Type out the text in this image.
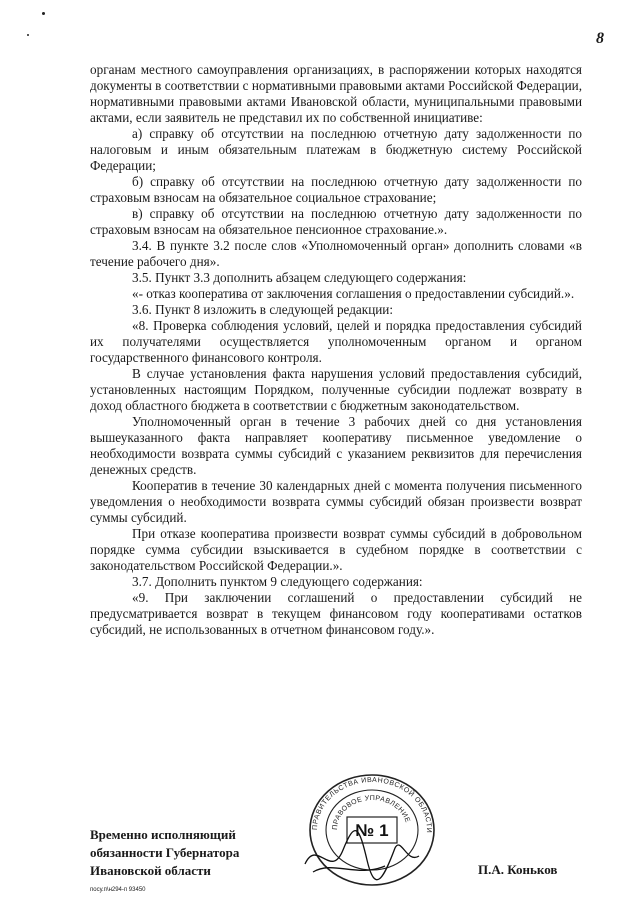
8

органам местного самоуправления организациях, в распоряжении которых находятся документы в соответствии с нормативными правовыми актами Российской Федерации, нормативными правовыми актами Ивановской области, муниципальными правовыми актами, если заявитель не представил их по собственной инициативе:

а) справку об отсутствии на последнюю отчетную дату задолженности по налоговым и иным обязательным платежам в бюджетную систему Российской Федерации;

б) справку об отсутствии на последнюю отчетную дату задолженности по страховым взносам на обязательное социальное страхование;

в) справку об отсутствии на последнюю отчетную дату задолженности по страховым взносам на обязательное пенсионное страхование.».

3.4. В пункте 3.2 после слов «Уполномоченный орган» дополнить словами «в течение рабочего дня».

3.5. Пункт 3.3 дополнить абзацем следующего содержания:

«- отказ кооператива от заключения соглашения о предоставлении субсидий.».

3.6. Пункт 8 изложить в следующей редакции:

«8. Проверка соблюдения условий, целей и порядка предоставления субсидий их получателями осуществляется уполномоченным органом и органом государственного финансового контроля.

В случае установления факта нарушения условий предоставления субсидий, установленных настоящим Порядком, полученные субсидии подлежат возврату в доход областного бюджета в соответствии с бюджетным законодательством.

Уполномоченный орган в течение 3 рабочих дней со дня установления вышеуказанного факта направляет кооперативу письменное уведомление о необходимости возврата суммы субсидий с указанием реквизитов для перечисления денежных средств.

Кооператив в течение 30 календарных дней с момента получения письменного уведомления о необходимости возврата суммы субсидий обязан произвести возврат суммы субсидий.

При отказе кооператива произвести возврат суммы субсидий в добровольном порядке сумма субсидии взыскивается в судебном порядке в соответствии с законодательством Российской Федерации.».

3.7. Дополнить пунктом 9 следующего содержания:

«9. При заключении соглашений о предоставлении субсидий не предусматривается возврат в текущем финансовом году кооперативами остатков субсидий, не использованных в отчетном финансовом году.».

Временно исполняющий
обязанности Губернатора
Ивановской области
ПРАВИТЕЛЬСТВА ИВАНОВСКОЙ ОБЛАСТИ
ПРАВОВОЕ УПРАВЛЕНИЕ
№ 1
П.А. Коньков
посу.п\н294-п 93450
